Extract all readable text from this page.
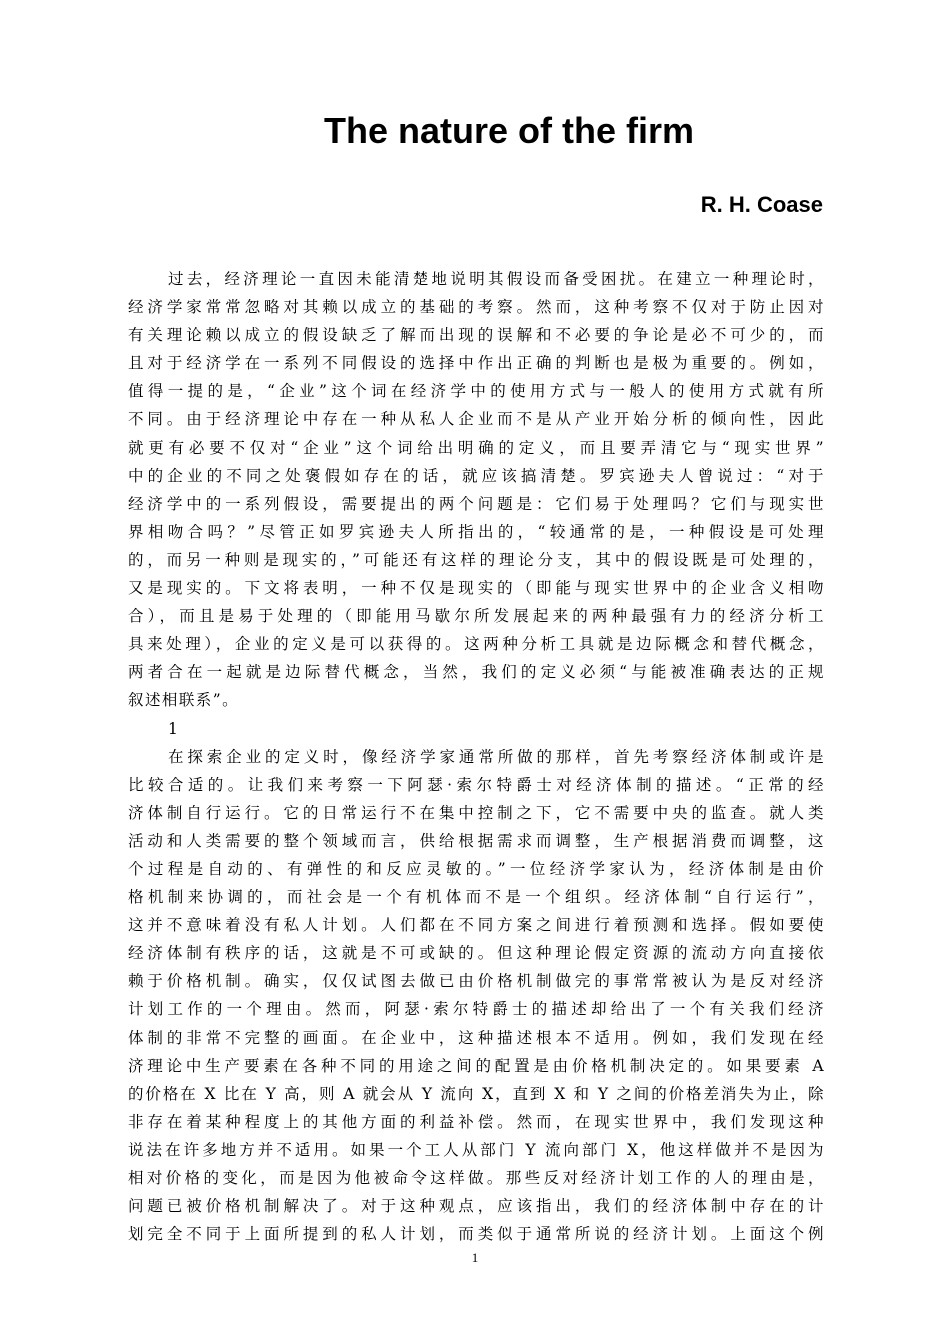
The nature of the firm
R. H. Coase
过去，经济理论一直因未能清楚地说明其假设而备受困扰。在建立一种理论时，
经济学家常常忽略对其赖以成立的基础的考察。然而，这种考察不仅对于防止因对
有关理论赖以成立的假设缺乏了解而出现的误解和不必要的争论是必不可少的，而
且对于经济学在一系列不同假设的选择中作出正确的判断也是极为重要的。例如，
值得一提的是，“企业”这个词在经济学中的使用方式与一般人的使用方式就有所
不同。由于经济理论中存在一种从私人企业而不是从产业开始分析的倾向性，因此
就更有必要不仅对“企业”这个词给出明确的定义，而且要弄清它与“现实世界”
中的企业的不同之处褒假如存在的话，就应该搞清楚。罗宾逊夫人曾说过：“对于
经济学中的一系列假设，需要提出的两个问题是：它们易于处理吗？它们与现实世
界相吻合吗？”尽管正如罗宾逊夫人所指出的，“较通常的是，一种假设是可处理
的，而另一种则是现实的，”可能还有这样的理论分支，其中的假设既是可处理的，
又是现实的。下文将表明，一种不仅是现实的（即能与现实世界中的企业含义相吻
合），而且是易于处理的（即能用马歇尔所发展起来的两种最强有力的经济分析工
具来处理），企业的定义是可以获得的。这两种分析工具就是边际概念和替代概念，
两者合在一起就是边际替代概念，当然，我们的定义必须“与能被准确表达的正规
叙述相联系”。
1
在探索企业的定义时，像经济学家通常所做的那样，首先考察经济体制或许是
比较合适的。让我们来考察一下阿瑟·索尔特爵士对经济体制的描述。“正常的经
济体制自行运行。它的日常运行不在集中控制之下，它不需要中央的监查。就人类
活动和人类需要的整个领域而言，供给根据需求而调整，生产根据消费而调整，这
个过程是自动的、有弹性的和反应灵敏的。”一位经济学家认为，经济体制是由价
格机制来协调的，而社会是一个有机体而不是一个组织。经济体制“自行运行”，
这并不意味着没有私人计划。人们都在不同方案之间进行着预测和选择。假如要使
经济体制有秩序的话，这就是不可或缺的。但这种理论假定资源的流动方向直接依
赖于价格机制。确实，仅仅试图去做已由价格机制做完的事常常被认为是反对经济
计划工作的一个理由。然而，阿瑟·索尔特爵士的描述却给出了一个有关我们经济
体制的非常不完整的画面。在企业中，这种描述根本不适用。例如，我们发现在经
济理论中生产要素在各种不同的用途之间的配置是由价格机制决定的。如果要素 A
的价格在 X 比在 Y 高，则 A 就会从 Y 流向 X，直到 X 和 Y 之间的价格差消失为止，除
非存在着某种程度上的其他方面的利益补偿。然而，在现实世界中，我们发现这种
说法在许多地方并不适用。如果一个工人从部门 Y 流向部门 X，他这样做并不是因为
相对价格的变化，而是因为他被命令这样做。那些反对经济计划工作的人的理由是，
问题已被价格机制解决了。对于这种观点，应该指出，我们的经济体制中存在的计
划完全不同于上面所提到的私人计划，而类似于通常所说的经济计划。上面这个例
1
